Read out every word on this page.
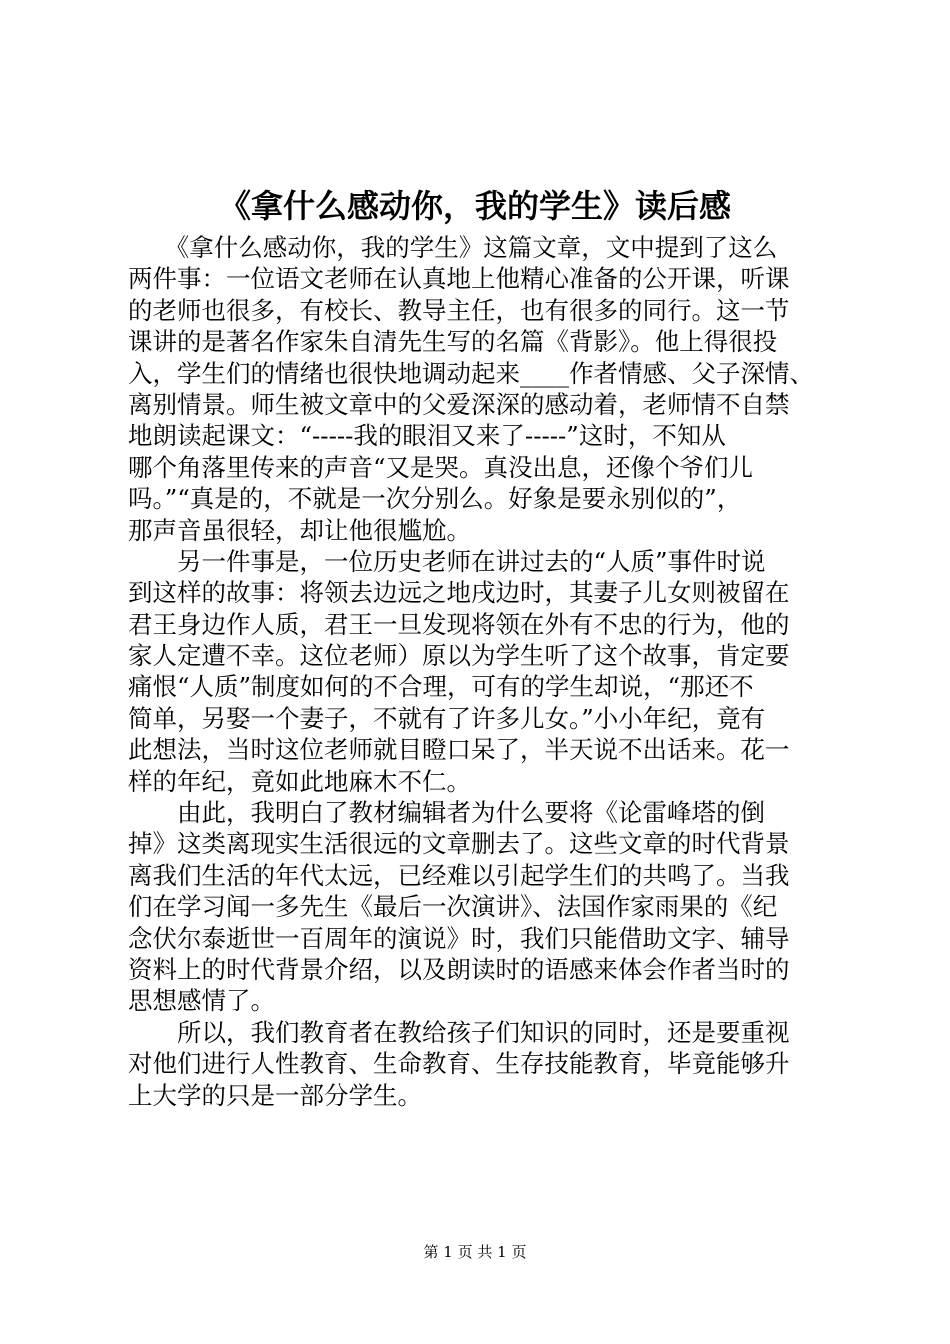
《拿什么感动你，我的学生》读后感
　　《拿什么感动你，我的学生》这篇文章，文中提到了这么
两件事：一位语文老师在认真地上他精心准备的公开课，听课
的老师也很多，有校长、教导主任，也有很多的同行。这一节
课讲的是著名作家朱自清先生写的名篇《背影》。他上得很投
入，学生们的情绪也很快地调动起来____作者情感、父子深情、
离别情景。师生被文章中的父爱深深的感动着，老师情不自禁
地朗读起课文：“-----我的眼泪又来了-----”这时，不知从
哪个角落里传来的声音“又是哭。真没出息，还像个爷们儿
吗。”“真是的，不就是一次分别么。好象是要永别似的”，
那声音虽很轻，却让他很尴尬。
　　另一件事是，一位历史老师在讲过去的“人质”事件时说
到这样的故事：将领去边远之地戌边时，其妻子儿女则被留在
君王身边作人质，君王一旦发现将领在外有不忠的行为，他的
家人定遭不幸。这位老师）原以为学生听了这个故事，肯定要
痛恨“人质”制度如何的不合理，可有的学生却说，“那还不
简单，另娶一个妻子，不就有了许多儿女。”小小年纪，竟有
此想法，当时这位老师就目瞪口呆了，半天说不出话来。花一
样的年纪，竟如此地麻木不仁。
　　由此，我明白了教材编辑者为什么要将《论雷峰塔的倒
掉》这类离现实生活很远的文章删去了。这些文章的时代背景
离我们生活的年代太远，已经难以引起学生们的共鸣了。当我
们在学习闻一多先生《最后一次演讲》、法国作家雨果的《纪
念伏尔泰逝世一百周年的演说》时，我们只能借助文字、辅导
资料上的时代背景介绍，以及朗读时的语感来体会作者当时的
思想感情了。
　　所以，我们教育者在教给孩子们知识的同时，还是要重视
对他们进行人性教育、生命教育、生存技能教育，毕竟能够升
上大学的只是一部分学生。
第 1 页 共 1 页
